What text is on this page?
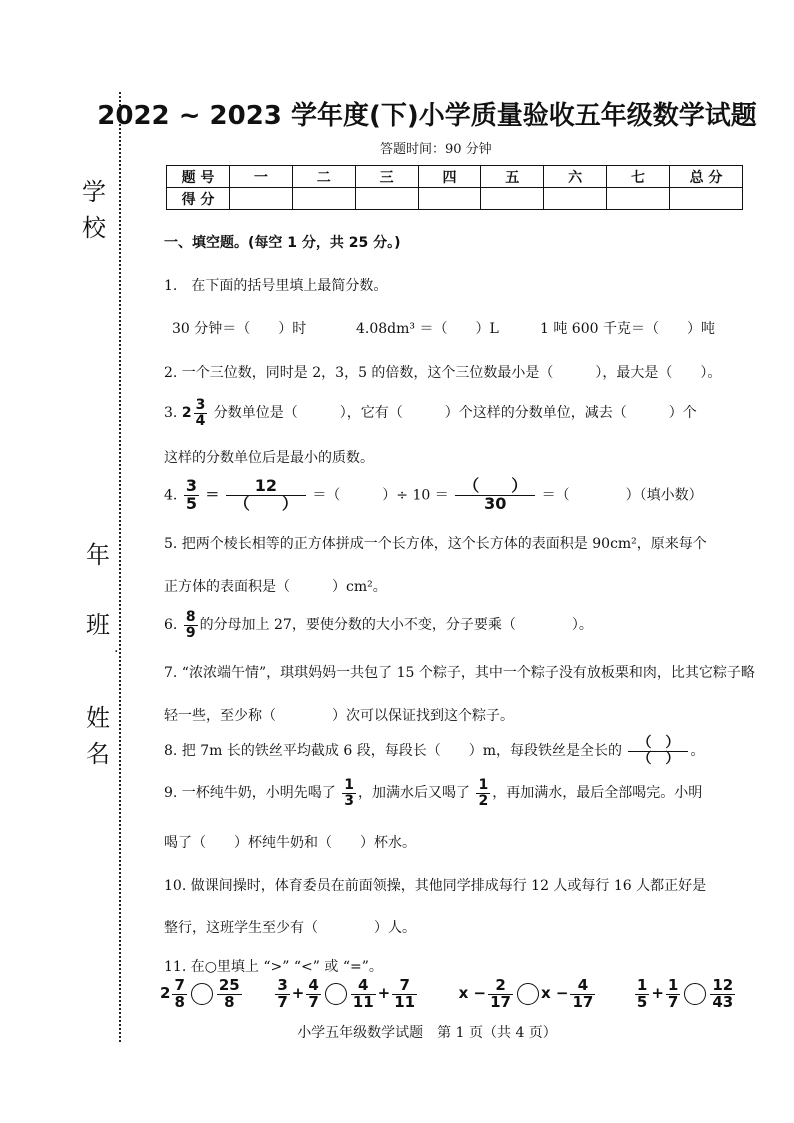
学
校
年
班
姓
名
2022 ~ 2023 学年度(下)小学质量验收五年级数学试题
答题时间：90 分钟
题 号	一	二	三	四	五	六	七	总 分
得 分								
一、填空题。(每空 1 分，共 25 分。)
1.　在下面的括号里填上最简分数。
30 分钟＝（　　）时	4.08dm³ ＝（　　）L	1 吨 600 千克＝（　　）吨
2. 一个三位数，同时是 2，3，5 的倍数，这个三位数最小是（　　　），最大是（　　）。
3. $2 \frac{3}{4}$ 分数单位是（　　　），它有（　　　）个这样的分数单位，减去（　　　）个
这样的分数单位后是最小的质数。
4. $\frac{3}{5} = \frac{12}{( )}$ ＝（　　　）÷ $10 = \frac{( )}{30}$ ＝（　　　　）（填小数）
5. 把两个棱长相等的正方体拼成一个长方体，这个长方体的表面积是 90cm²，原来每个
正方体的表面积是（　　　）cm²。
.
6. $\frac{8}{9}$ 的分母加上 27，要使分数的大小不变，分子要乘（　　　　）。
7. “浓浓端午情”，琪琪妈妈一共包了 15 个粽子，其中一个粽子没有放板栗和肉，比其它粽子略
轻一些，至少称（　　　　）次可以保证找到这个粽子。
8. 把 7m 长的铁丝平均截成 6 段，每段长（　　）m，每段铁丝是全长的 $\frac{( )}{( )}$ 。
9. 一杯纯牛奶，小明先喝了 $\frac{1}{3}$ ，加满水后又喝了 $\frac{1}{2}$ ，再加满水，最后全部喝完。小明
喝了（　　）杯纯牛奶和（　　）杯水。
10. 做课间操时，体育委员在前面领操，其他同学排成每行 12 人或每行 16 人都正好是
整行，这班学生至少有（　　　　）人。
11. 在○里填上 “>” “<” 或 “=”。
$2 \frac{7}{8} \frac{25}{8}$
$\frac{3}{7} + \frac{4}{7} \frac{4}{11} + \frac{7}{11}$	$x - \frac{2}{17}$ $x - \frac{4}{17}$
	$\frac{1}{5} + \frac{1}{7} \frac{12}{43}$
小学五年级数学试题　第 1 页（共 4 页）
